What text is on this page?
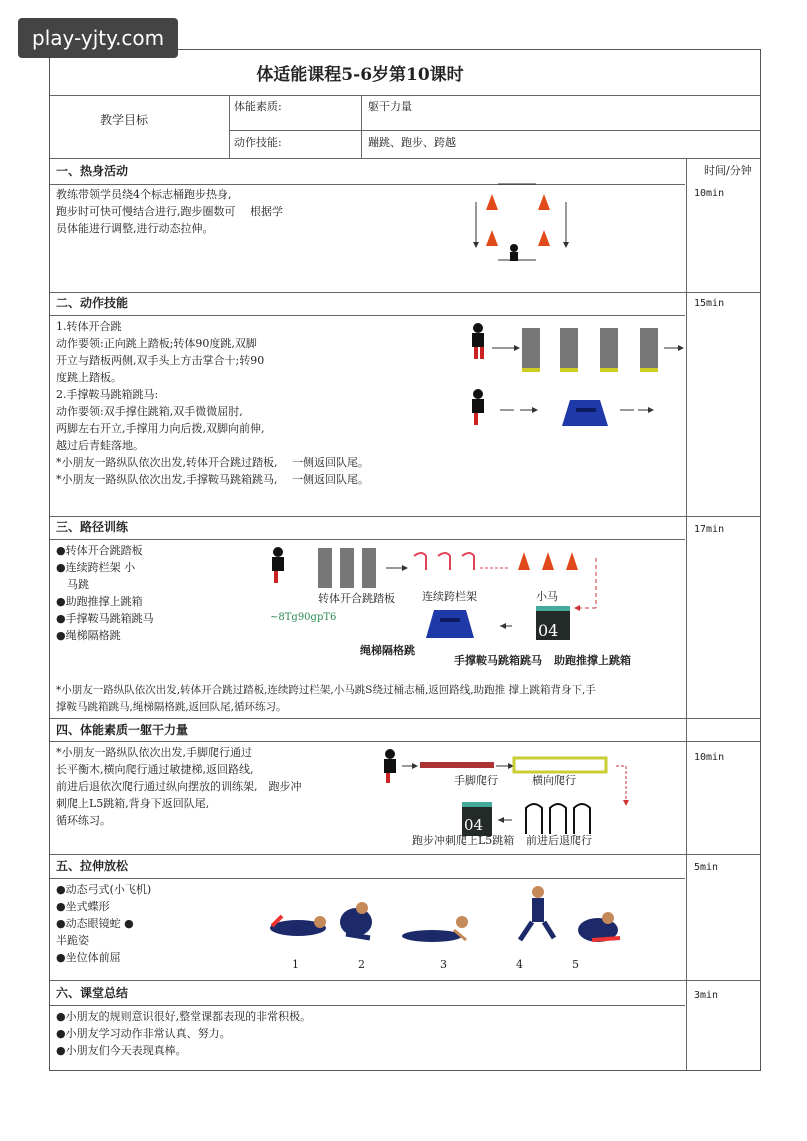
play-yjty.com
体适能课程5-6岁第10课时
教学目标
体能素质:	躯干力量
动作技能:	蹦跳、跑步、跨越
时间/分钟
一、热身活动
10min
教练带领学员绕4个标志桶跑步热身,
跑步时可快可慢结合进行,跑步圈数可　 根据学
员体能进行调整,进行动态拉伸。
二、动作技能	15min
1.转体开合跳
动作要领:正向跳上踏板;转体90度跳,双脚
开立与踏板两侧,双手头上方击掌合十;转90
度跳上踏板。
2.手撑鞍马跳箱跳马:
动作要领:双手撑住跳箱,双手微微屈肘,
两脚左右开立,手撑用力向后拨,双脚向前伸,
越过后青蛙落地。
*小朋友一路纵队依次出发,转体开合跳过踏板,　 一侧返回队尾。
*小朋友一路纵队依次出发,手撑鞍马跳箱跳马,　 一侧返回队尾。
三、路径训练	17min
●转体开合跳踏板
●连续跨栏架 小
　马跳
●助跑推撑上跳箱
●手撑鞍马跳箱跳马
●绳梯隔格跳
转体开合跳踏板 连续跨栏架	小马
~8Tg90gpT6
04
绳梯隔格跳
手撑鞍马跳箱跳马 助跑推撑上跳箱
*小朋友一路纵队依次出发,转体开合跳过踏板,连续跨过栏架,小马跳S绕过桶志桶,返回路线,助跑推 撑上跳箱背身下,手
撑鞍马跳箱跳马,绳梯隔格跳,返回队尾,循环练习。
四、体能素质一躯干力量
10min
*小朋友一路纵队依次出发,手脚爬行通过
长平衡木,横向爬行通过敏捷梯,返回路线,
前进后退依次爬行通过纵向摆放的训练架,　跑步冲
刺爬上L5跳箱,背身下返回队尾,
循环练习。
手脚爬行	横向爬行
04
跑步冲刺爬上L5跳箱 前进后退爬行
五、拉伸放松	5min
●动态弓式(小飞机)
●坐式蝶形
●动态眼镜蛇 ●
半跪姿
●坐位体前屈
1	2	3	4	5
六、课堂总结	3min
●小朋友的规则意识很好,整堂课都表现的非常积极。
●小朋友学习动作非常认真、努力。
●小朋友们今天表现真棒。
